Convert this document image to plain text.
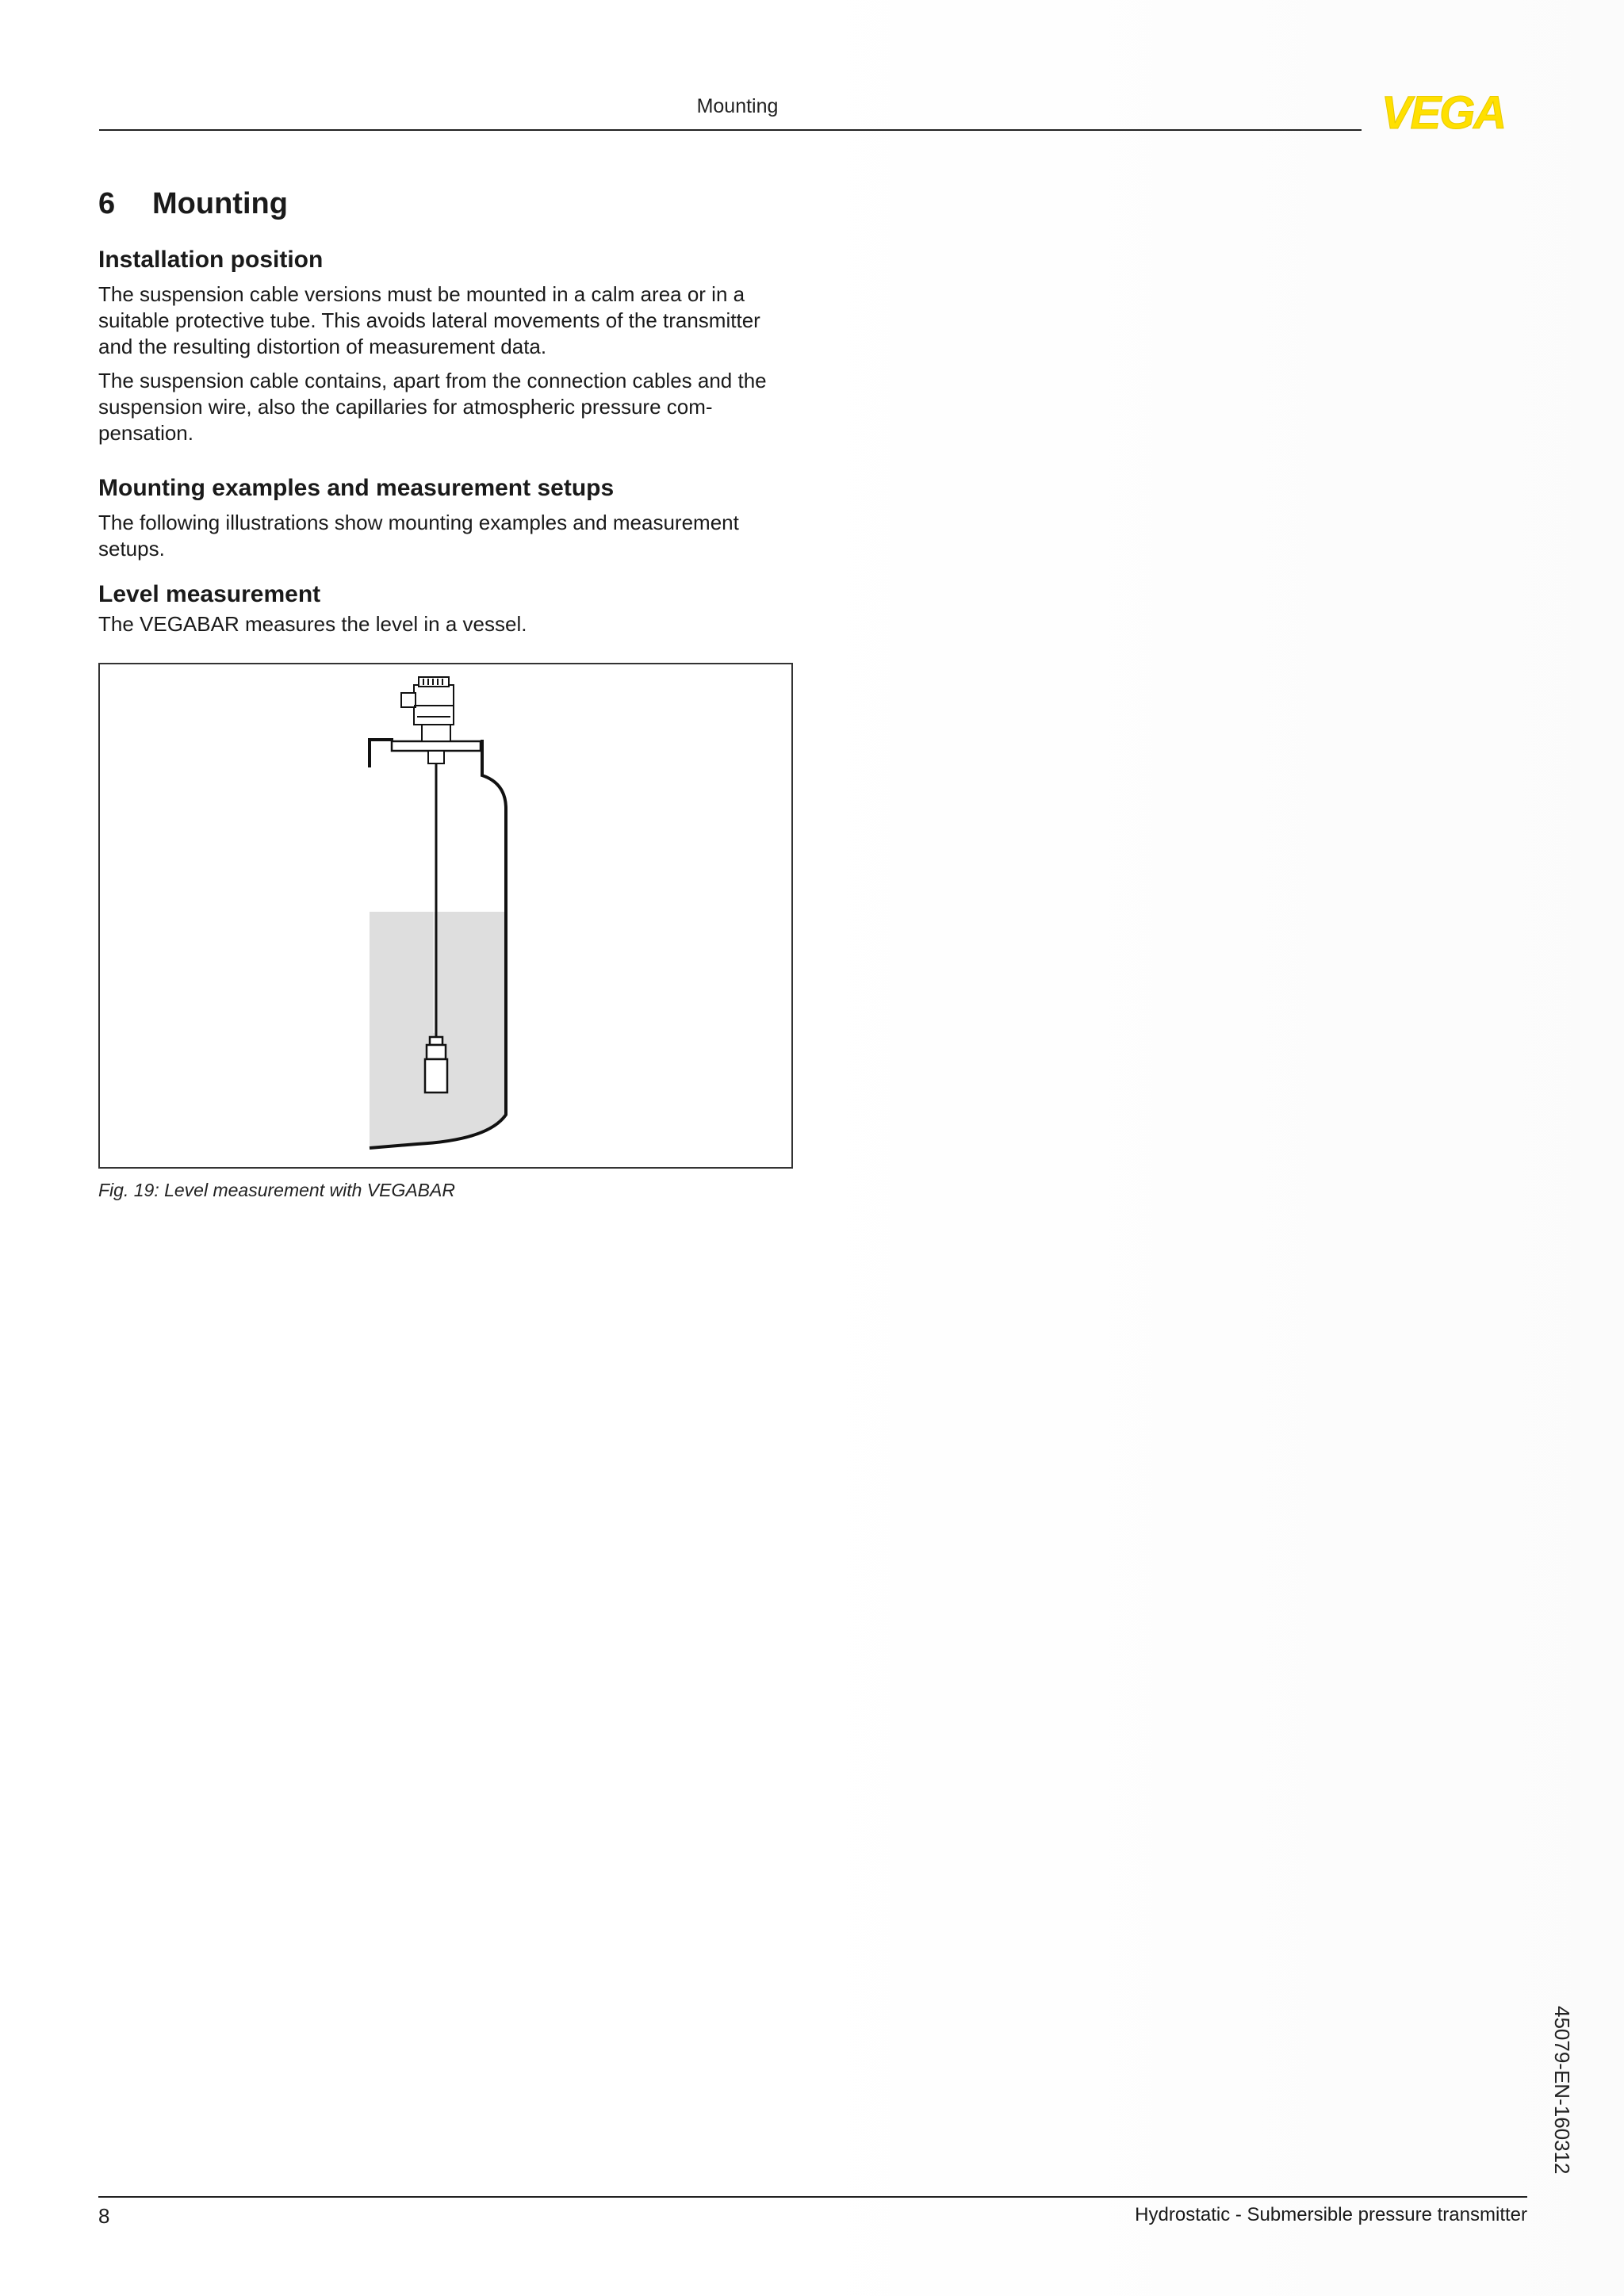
Mounting	VEGA
6	Mounting
Installation position

The suspension cable versions must be mounted in a calm area or in a suitable protective tube. This avoids lateral movements of the transmitter and the resulting distortion of measurement data.

The suspension cable contains, apart from the connection cables and the suspension wire, also the capillaries for atmospheric pressure com-pensation.

Mounting examples and measurement setups

The following illustrations show mounting examples and measurement setups.

Level measurement

The VEGABAR measures the level in a vessel.

Fig. 19: Level measurement with VEGABAR
45079-EN-160312
8	Hydrostatic - Submersible pressure transmitter
